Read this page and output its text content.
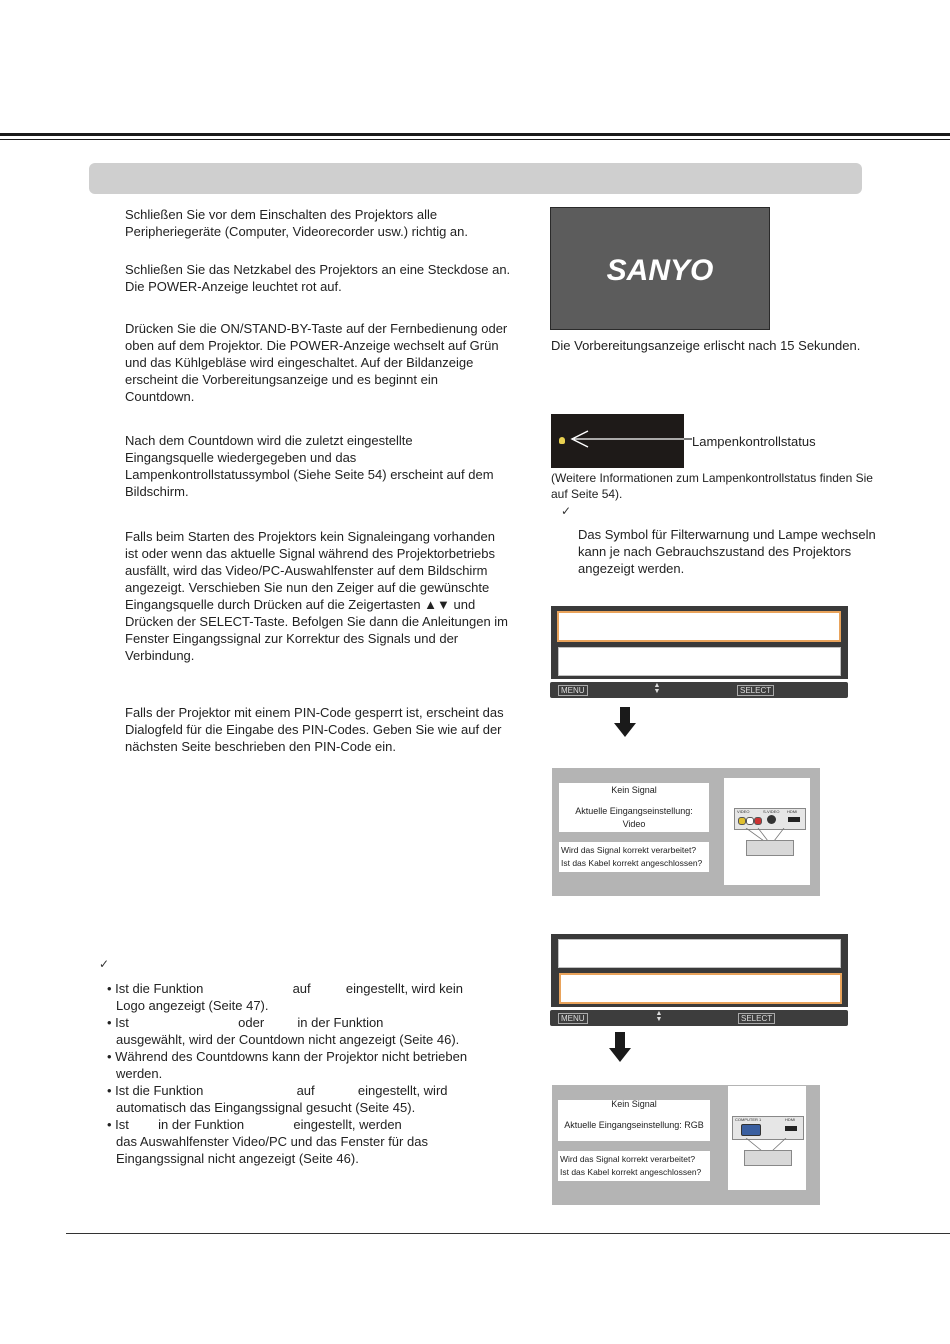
Schließen Sie vor dem Einschalten des Projektors alle Peripheriegeräte (Computer, Videorecorder usw.) richtig an.
Schließen Sie das Netzkabel des Projektors an eine Steckdose an. Die POWER-Anzeige leuchtet rot auf.
Drücken Sie die ON/STAND-BY-Taste auf der Fernbedienung oder oben auf dem Projektor. Die POWER-Anzeige wechselt auf Grün und das Kühlgebläse wird eingeschaltet. Auf der Bildanzeige erscheint die Vorbereitungsanzeige und es beginnt ein Countdown.
Nach dem Countdown wird die zuletzt eingestellte Eingangsquelle wiedergegeben und das Lampenkontrollstatussymbol (Siehe Seite 54) erscheint auf dem Bildschirm.
Falls beim Starten des Projektors kein Signaleingang vorhanden ist oder wenn das aktuelle Signal während des Projektorbetriebs ausfällt, wird das Video/PC-Auswahlfenster auf dem Bildschirm angezeigt. Verschieben Sie nun den Zeiger auf die gewünschte Eingangsquelle durch Drücken auf die Zeigertasten ▲▼ und Drücken der SELECT-Taste. Befolgen Sie dann die Anleitungen im Fenster Eingangssignal zur Korrektur des Signals und der Verbindung.
Falls der Projektor mit einem PIN-Code gesperrt ist, erscheint das Dialogfeld für die Eingabe des PIN-Codes. Geben Sie wie auf der nächsten Seite beschrieben den PIN-Code ein.
SANYO
Die Vorbereitungsanzeige erlischt nach 15 Sekunden.
Lampenkontrollstatus
(Weitere Informationen zum Lampenkontrollstatus finden Sie auf Seite 54).
✓
Das Symbol für Filterwarnung und Lampe wechseln kann je nach Gebrauchszustand des Projektors angezeigt werden.
MENU
▲
▼	SELECT
Kein Signal
Aktuelle Eingangseinstellung:
Video
Wird das Signal korrekt verarbeitet?
Ist das Kabel korrekt angeschlossen?
VIDEO	S-VIDEO HDMI
MENU
▲
▼	SELECT
Kein Signal
Aktuelle Eingangseinstellung: RGB
Wird das Signal korrekt verarbeitet?
Ist das Kabel korrekt angeschlossen?
COMPUTER 1	HDMI
✓
• Ist die Funktion	auf	eingestellt, wird kein
Logo angezeigt (Seite 47).
• Ist	oder	in der Funktion
ausgewählt, wird der Countdown nicht angezeigt (Seite 46).
• Während des Countdowns kann der Projektor nicht betrieben
werden.
• Ist die Funktion	auf	eingestellt, wird
automatisch das Eingangssignal gesucht (Seite 45).
• Ist in der Funktion	eingestellt, werden
das Auswahlfenster Video/PC und das Fenster für das
Eingangssignal nicht angezeigt (Seite 46).
